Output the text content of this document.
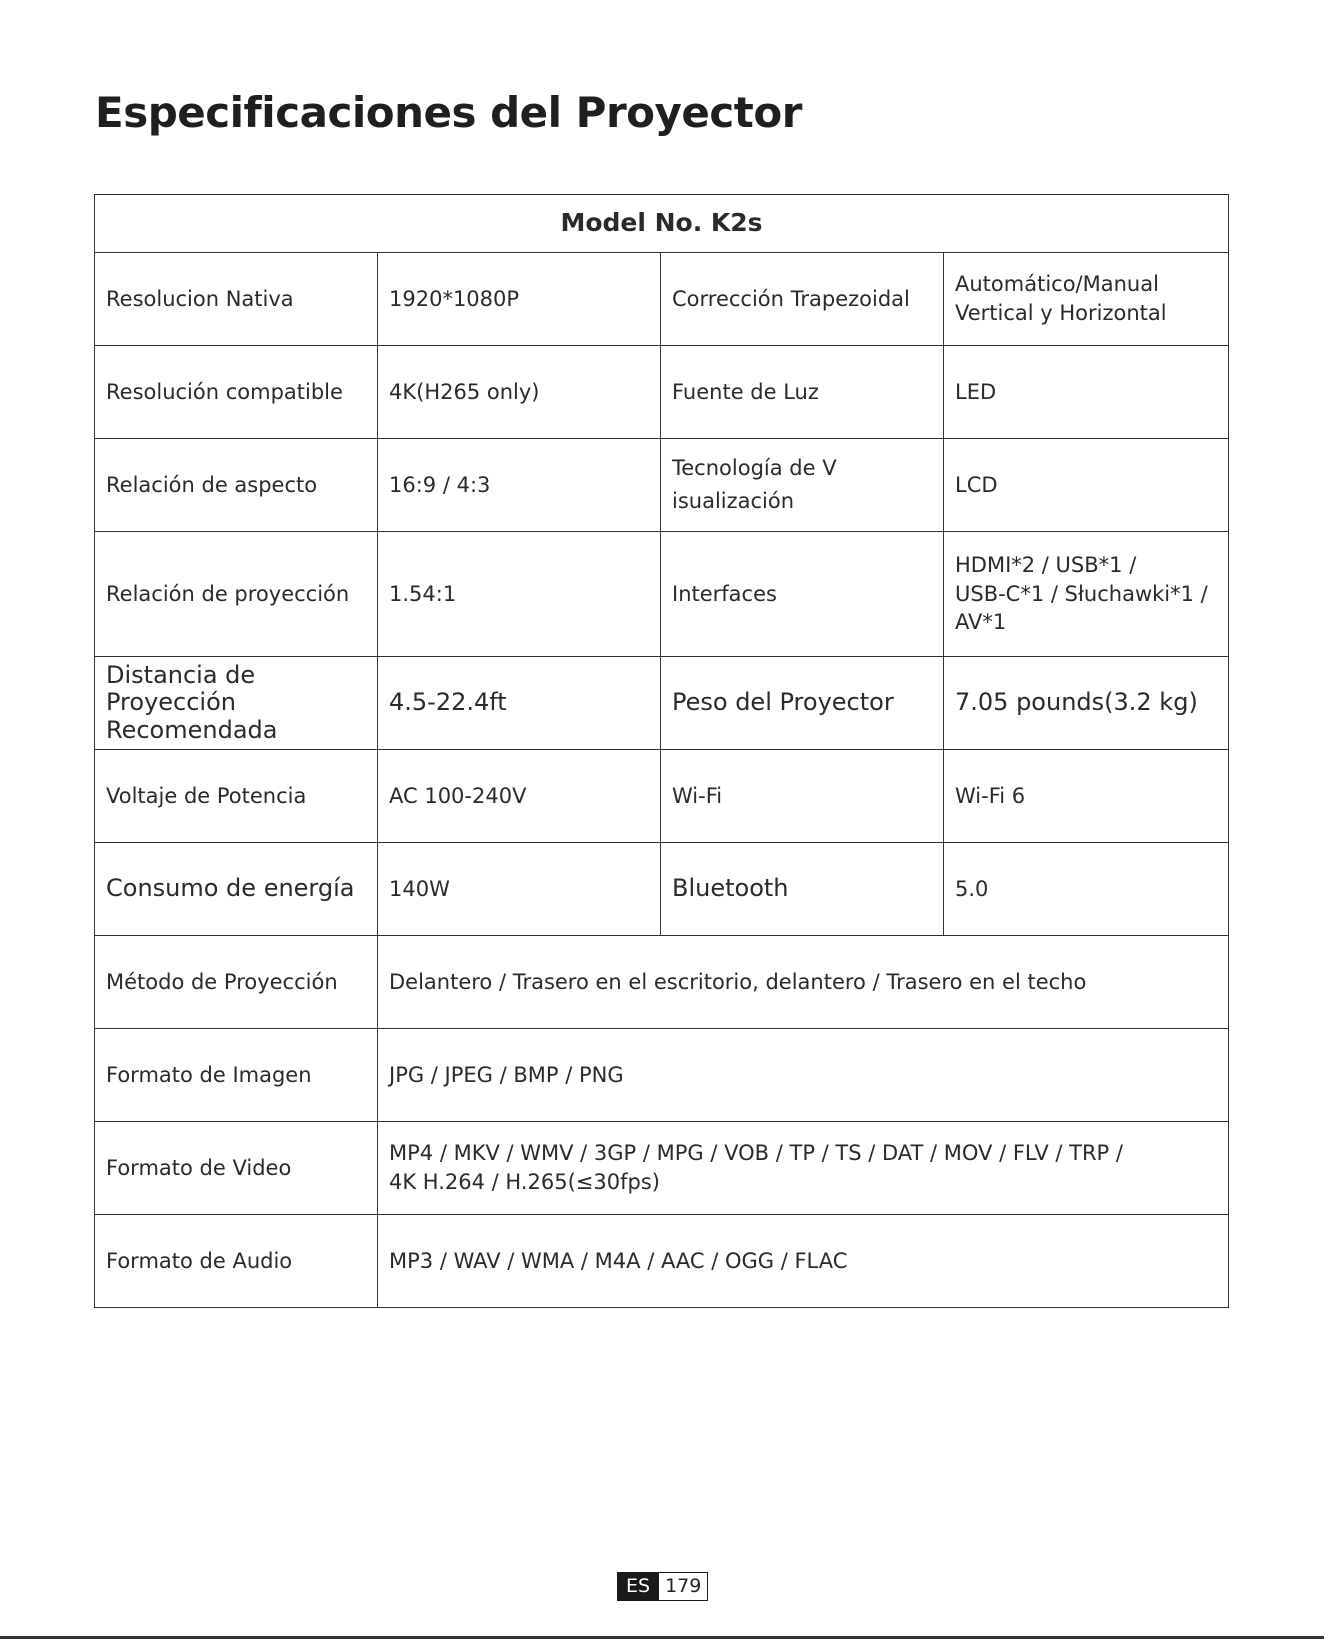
Especificaciones del Proyector
Model No. K2s			
Resolucion Nativa	1920*1080P	Corrección Trapezoidal	Automático/Manual
Vertical y Horizontal
Resolución compatible	4K(H265 only)	Fuente de Luz	LED
Relación de aspecto	16:9 / 4:3	Tecnología de V
isualización	LCD
Relación de proyección	1.54:1	Interfaces	HDMI*2 / USB*1 /
USB-C*1 / Słuchawki*1 /
AV*1
Distancia de
Proyección
Recomendada	4.5-22.4ft	Peso del Proyector	7.05 pounds(3.2 kg)
Voltaje de Potencia	AC 100-240V	Wi-Fi	Wi-Fi 6
Consumo de energía	140W	Bluetooth	5.0
Método de Proyección	Delantero / Trasero en el escritorio, delantero / Trasero en el techo		
Formato de Imagen	JPG / JPEG / BMP / PNG		
Formato de Video	MP4 / MKV / WMV / 3GP / MPG / VOB / TP / TS / DAT / MOV / FLV / TRP /
4K H.264 / H.265(≤30fps)		
Formato de Audio	MP3 / WAV / WMA / M4A / AAC / OGG / FLAC		
ES 179
